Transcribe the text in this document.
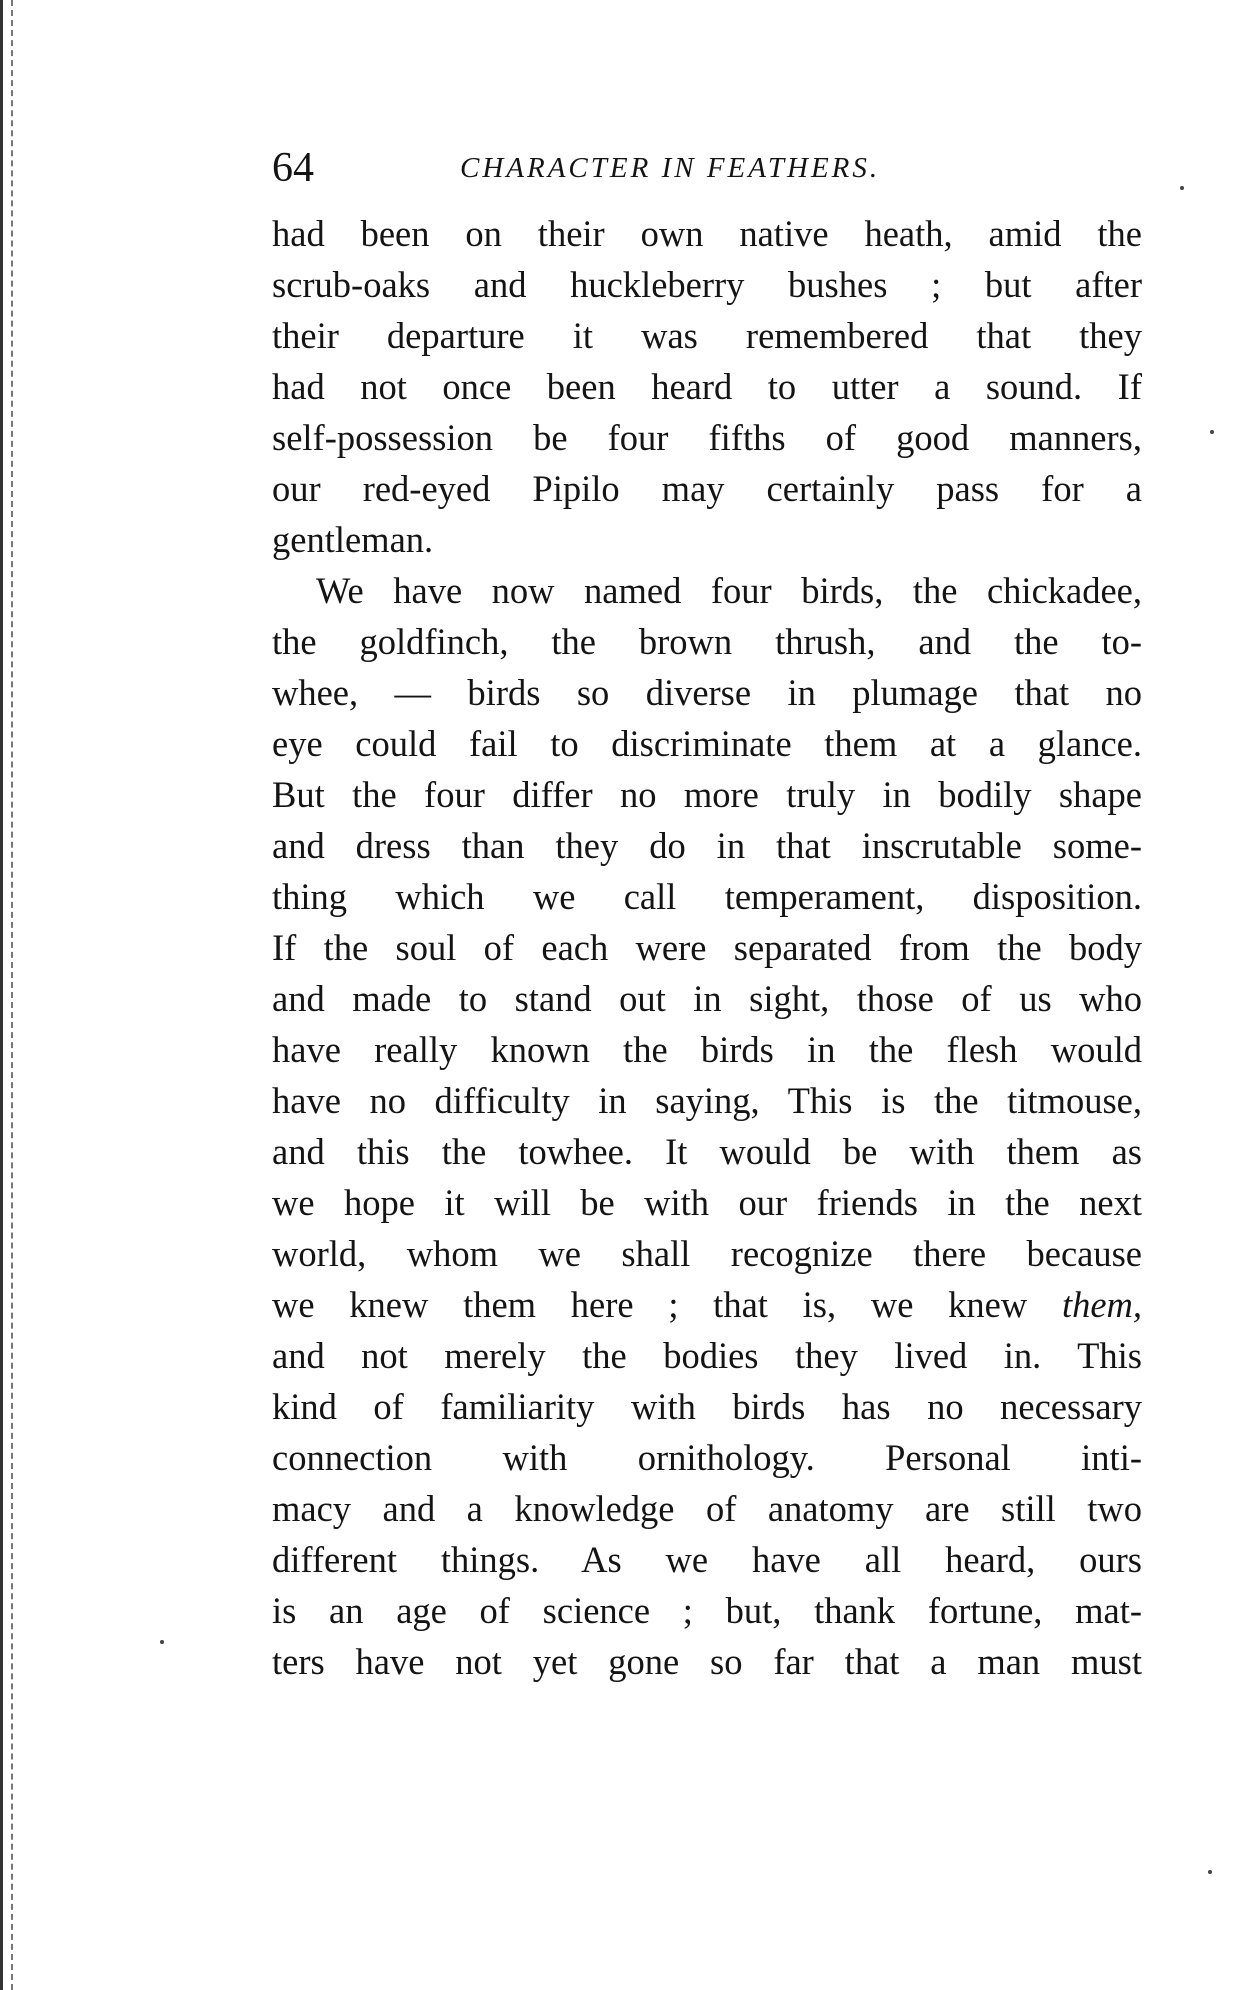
64	CHARACTER IN FEATHERS.
had been on their own native heath, amid the
scrub-oaks and huckleberry bushes ; but after
their departure it was remembered that they
had not once been heard to utter a sound. If
self-possession be four fifths of good manners,
our red-eyed Pipilo may certainly pass for a
gentleman.
We have now named four birds, the chickadee,
the goldfinch, the brown thrush, and the to-
whee, — birds so diverse in plumage that no
eye could fail to discriminate them at a glance.
But the four differ no more truly in bodily shape
and dress than they do in that inscrutable some-
thing which we call temperament, disposition.
If the soul of each were separated from the body
and made to stand out in sight, those of us who
have really known the birds in the flesh would
have no difficulty in saying, This is the titmouse,
and this the towhee. It would be with them as
we hope it will be with our friends in the next
world, whom we shall recognize there because
we knew them here ; that is, we knew them,
and not merely the bodies they lived in. This
kind of familiarity with birds has no necessary
connection with ornithology. Personal inti-
macy and a knowledge of anatomy are still two
different things. As we have all heard, ours
is an age of science ; but, thank fortune, mat-
ters have not yet gone so far that a man must
